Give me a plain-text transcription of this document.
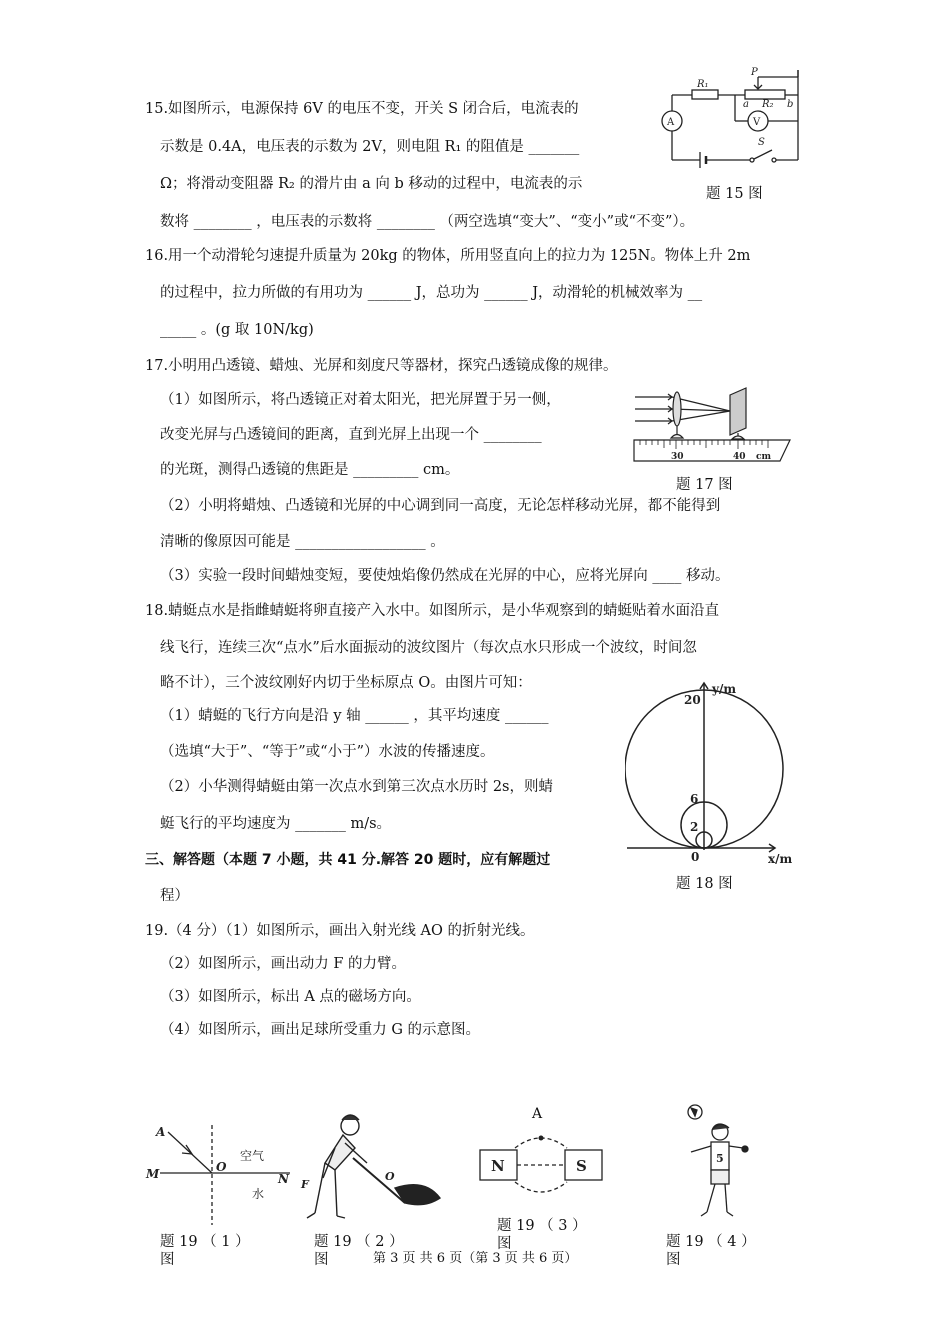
15.如图所示，电源保持 6V 的电压不变，开关 S 闭合后，电流表的
示数是 0.4A，电压表的示数为 2V，则电阻 R₁ 的阻值是 _______
Ω；将滑动变阻器 R₂ 的滑片由 a 向 b 移动的过程中，电流表的示
数将 ________ ，电压表的示数将 ________ （两空选填“变大”、“变小”或“不变”）。
P
R₁
a R₂ b
A	V
S
题 15 图
16.用一个动滑轮匀速提升质量为 20kg 的物体，所用竖直向上的拉力为 125N。物体上升 2m
的过程中，拉力所做的有用功为 ______ J，总功为 ______ J，动滑轮的机械效率为 __
_____ 。(g 取 10N/kg)
17.小明用凸透镜、蜡烛、光屏和刻度尺等器材，探究凸透镜成像的规律。
（1）如图所示，将凸透镜正对着太阳光，把光屏置于另一侧，
改变光屏与凸透镜间的距离，直到光屏上出现一个 ________
的光斑，测得凸透镜的焦距是 _________ cm。
（2）小明将蜡烛、凸透镜和光屏的中心调到同一高度，无论怎样移动光屏，都不能得到
清晰的像原因可能是 __________________ 。
（3）实验一段时间蜡烛变短，要使烛焰像仍然成在光屏的中心，应将光屏向 ____ 移动。
30	40 cm
题 17 图
18.蜻蜓点水是指雌蜻蜓将卵直接产入水中。如图所示，是小华观察到的蜻蜓贴着水面沿直
线飞行，连续三次“点水”后水面振动的波纹图片（每次点水只形成一个波纹，时间忽
略不计），三个波纹刚好内切于坐标原点 O。由图片可知：
（1）蜻蜓的飞行方向是沿 y 轴 ______ ，其平均速度 ______
（选填“大于”、“等于”或“小于”）水波的传播速度。
（2）小华测得蜻蜓由第一次点水到第三次点水历时 2s，则蜻
蜓飞行的平均速度为 _______ m/s。
y/m
x/m
20
6
2
0
题 18 图
三、解答题（本题 7 小题，共 41 分.解答 20 题时，应有解题过
程）
19.（4 分）（1）如图所示，画出入射光线 AO 的折射光线。
（2）如图所示，画出动力 F 的力臂。
（3）如图所示，标出 A 点的磁场方向。
（4）如图所示，画出足球所受重力 G 的示意图。
A
M	O
N
空气
水
题 19 （ 1 ）
图
F
O
题 19 （ 2 ）
图
N	S
A
题 19 （ 3 ）
图
5
题 19 （ 4 ）
图
第 3 页 共 6 页（第 3 页 共 6 页）
